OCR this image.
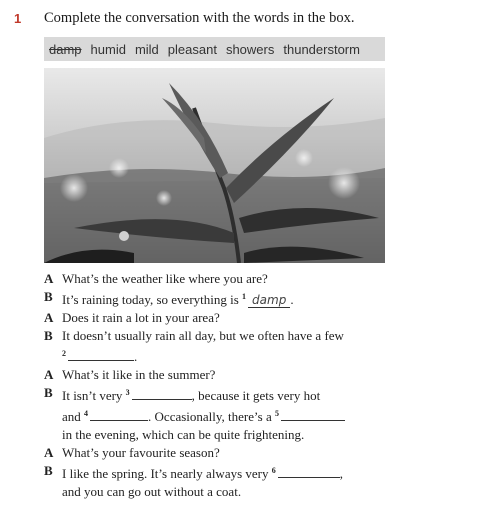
1 Complete the conversation with the words in the box.
damp humid mild pleasant showers thunderstorm
A What’s the weather like where you are?
B It’s raining today, so everything is $^1$ damp .
A Does it rain a lot in your area?
B It doesn’t usually rain all day, but we often have a few
$^2$	.
A What’s it like in the summer?
B It isn’t very $^3$	, because it gets very hot
and $^4$	. Occasionally, there’s a $^5$
in the evening, which can be quite frightening.
A What’s your favourite season?
B I like the spring. It’s nearly always very $^6$	,
and you can go out without a coat.
